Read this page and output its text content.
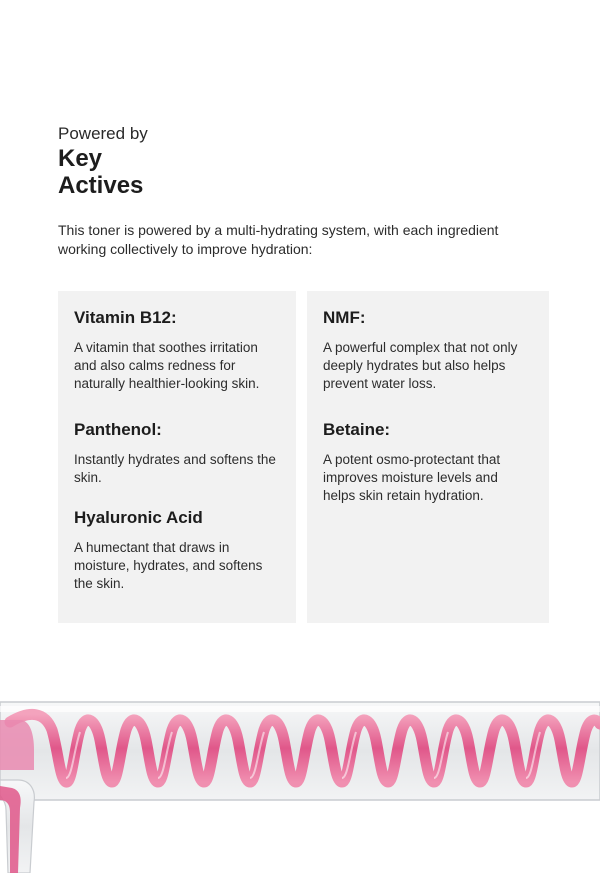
Powered by

Key
Actives

This toner is powered by a multi-hydrating system, with each ingredient working collectively to improve hydration:

Vitamin B12:

A vitamin that soothes irritation and also calms redness for naturally healthier-looking skin.

Panthenol:

Instantly hydrates and softens the skin.

Hyaluronic Acid

A humectant that draws in moisture, hydrates, and softens the skin.

NMF:

A powerful complex that not only deeply hydrates but also helps prevent water loss.

Betaine:

A potent osmo-protectant that improves moisture levels and helps skin retain hydration.
